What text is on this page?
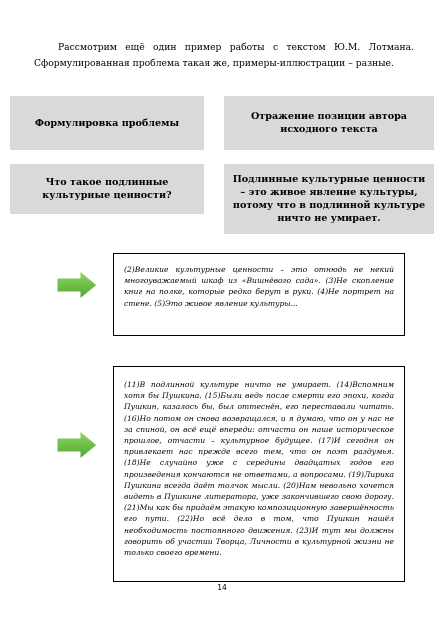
Рассмотрим ещё один пример работы с текстом Ю.М. Лотмана. Сформулированная проблема такая же, примеры-иллюстрации – разные.

Формулировка проблемы
Отражение позиции автора исходного текста
Что такое подлинные культурные ценности?
Подлинные культурные ценности – это живое явление культуры, потому что в подлинной культуре ничто не умирает.

(2)Великие культурные ценности – это отнюдь не некий многоуважаемый шкаф из «Вишнёвого сада». (3)Не скопление книг на полке, которые редко берут в руки. (4)Не портрет на стене. (5)Это живое явление культуры...

(11)В подлинной культуре ничто не умирает. (14)Вспомним хотя бы Пушкина. (15)Были ведь после смерти его эпохи, когда Пушкин, казалось бы, был оттеснён, его переставали читать. (16)Но потом он снова возвращался, и я думаю, что он у нас не за спиной, он всё ещё впереди: отчасти он наше историческое прошлое, отчасти – культурное будущее. (17)И сегодня он привлекает нас прежде всего тем, что он поэт раздумья. (18)Не случайно уже с середины двадцатых годов его произведения кончаются не ответами, а вопросами. (19)Лирика Пушкина всегда даёт толчок мысли. (20)Нам невольно хочется видеть в Пушкине литератора, уже закончившего свою дорогу. (21)Мы как бы придаём этакую композиционную завершённость его пути. (22)Но всё дело в том, что Пушкин нашёл необходимость постоянного движения. (23)И тут мы должны говорить об участии Творца, Личности в культурной жизни не только своего времени.

14
